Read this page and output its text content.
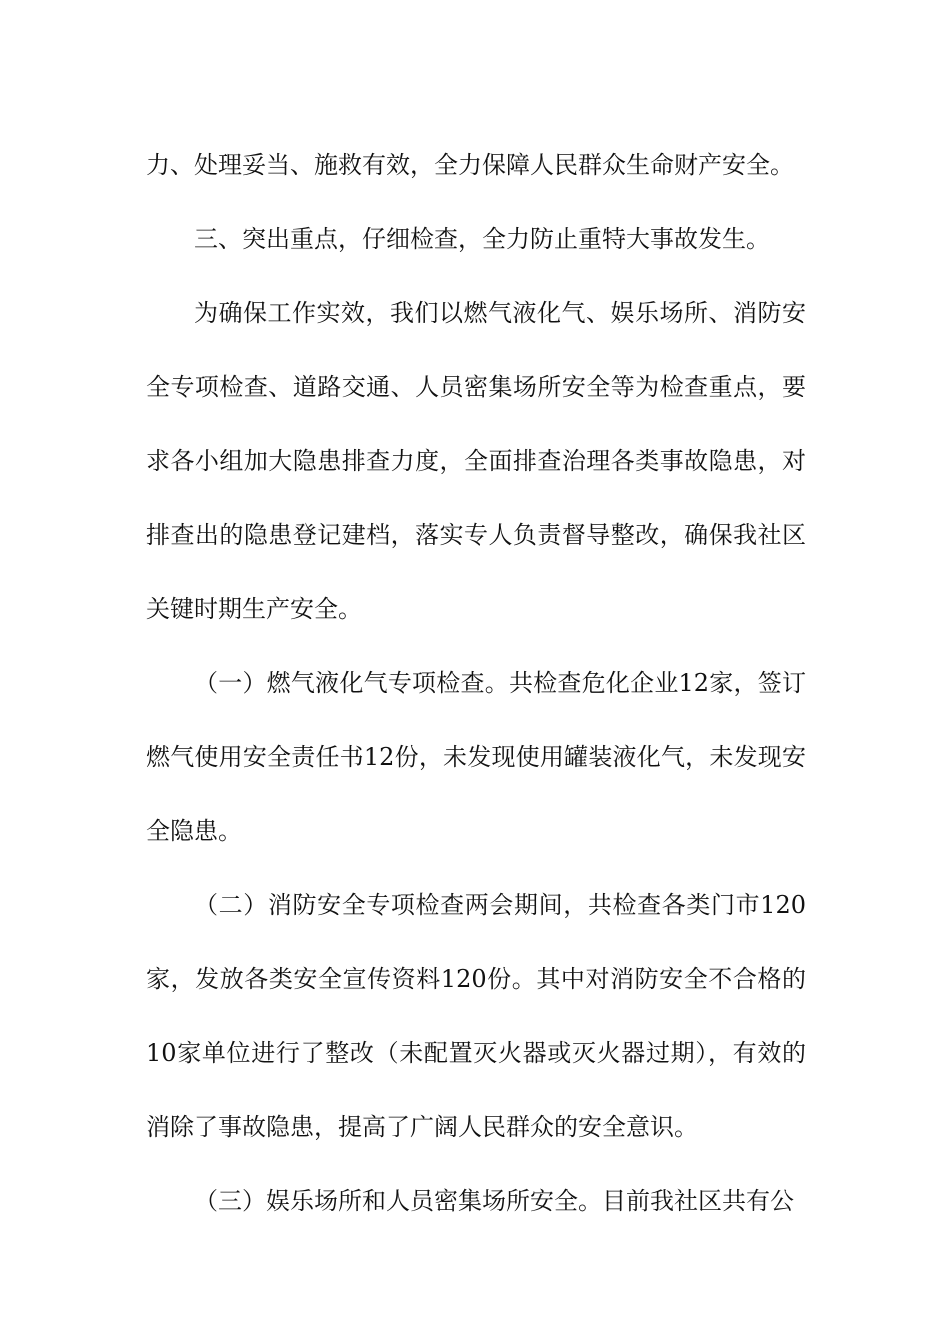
力、处理妥当、施救有效，全力保障人民群众生命财产安全。

三、突出重点，仔细检查，全力防止重特大事故发生。

为确保工作实效，我们以燃气液化气、娱乐场所、消防安全专项检查、道路交通、人员密集场所安全等为检查重点，要求各小组加大隐患排查力度，全面排查治理各类事故隐患，对排查出的隐患登记建档，落实专人负责督导整改，确保我社区关键时期生产安全。

（一）燃气液化气专项检查。共检查危化企业12家，签订燃气使用安全责任书12份，未发现使用罐装液化气，未发现安全隐患。

（二）消防安全专项检查两会期间，共检查各类门市120家，发放各类安全宣传资料120份。其中对消防安全不合格的10家单位进行了整改（未配置灭火器或灭火器过期），有效的消除了事故隐患，提高了广阔人民群众的安全意识。

（三）娱乐场所和人员密集场所安全。目前我社区共有公
